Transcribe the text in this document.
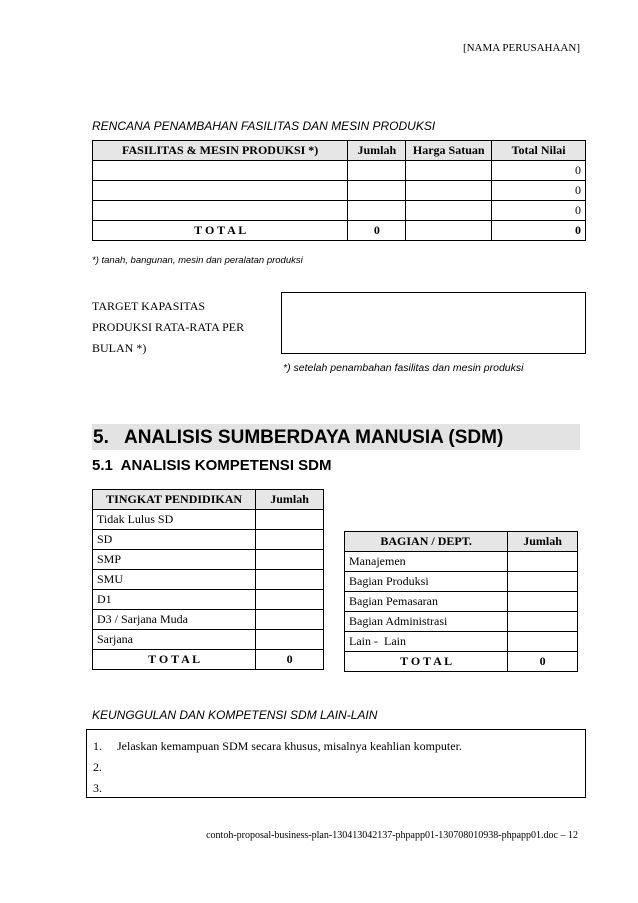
[NAMA PERUSAHAAN]
RENCANA PENAMBAHAN FASILITAS DAN MESIN PRODUKSI
FASILITAS & MESIN PRODUKSI *)	Jumlah	Harga Satuan	Total Nilai
			0
			0
			0
T O T A L	0		0
*) tanah, bangunan, mesin dan peralatan produksi
TARGET KAPASITAS
PRODUKSI RATA-RATA PER
BULAN *)
*) setelah penambahan fasilitas dan mesin produksi
5.   ANALISIS SUMBERDAYA MANUSIA (SDM)
5.1  ANALISIS KOMPETENSI SDM
TINGKAT PENDIDIKAN	Jumlah
Tidak Lulus SD	
SD	
SMP	
SMU	
D1	
D3 / Sarjana Muda	
Sarjana	
T O T A L	0
BAGIAN / DEPT.	Jumlah
Manajemen	
Bagian Produksi	
Bagian Pemasaran	
Bagian Administrasi	
Lain -  Lain	
T O T A L	0
KEUNGGULAN DAN KOMPETENSI SDM LAIN-LAIN
1. Jelaskan kemampuan SDM secara khusus, misalnya keahlian komputer.
2.
3.
contoh-proposal-business-plan-130413042137-phpapp01-130708010938-phpapp01.doc – 12
